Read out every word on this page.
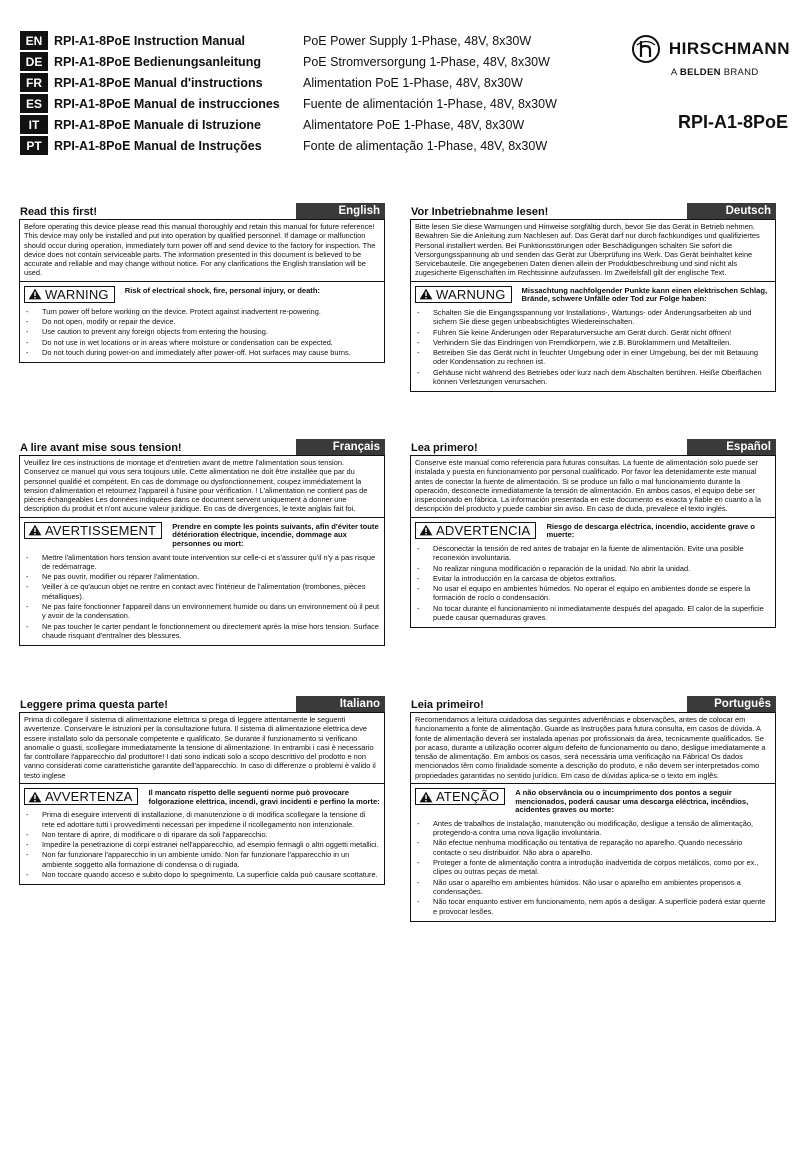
EN	RPI-A1-8PoE Instruction Manual	PoE Power Supply 1-Phase, 48V, 8x30W
DE	RPI-A1-8PoE Bedienungsanleitung	PoE Stromversorgung 1-Phase, 48V, 8x30W
FR	RPI-A1-8PoE Manual d'instructions	Alimentation PoE 1-Phase, 48V, 8x30W
ES	RPI-A1-8PoE Manual de instrucciones	Fuente de alimentación 1-Phase, 48V, 8x30W
IT	RPI-A1-8PoE Manuale di Istruzione	Alimentatore PoE 1-Phase, 48V, 8x30W
PT	RPI-A1-8PoE Manual de Instruções	Fonte de alimentação 1-Phase, 48V, 8x30W
HIRSCHMANN
A BELDEN BRAND
RPI-A1-8PoE
Read this first!	English

Before operating this device please read this manual thoroughly and retain this manual for future reference! This device may only be installed and put into operation by qualified personnel. If damage or malfunction should occur during operation, immediately turn power off and send device to the factory for inspection. The device does not contain serviceable parts. The information presented in this document is believed to be accurate and reliable and may change without notice. For any clarifications the English translation will be used.

WARNING Risk of electrical shock, fire, personal injury, or death:
- Turn power off before working on the device. Protect against inadvertent re-powering.
- Do not open, modify or repair the device.
- Use caution to prevent any foreign objects from entering the housing.
- Do not use in wet locations or in areas where moisture or condensation can be expected.
- Do not touch during power-on and immediately after power-off. Hot surfaces may cause burns.
Vor Inbetriebnahme lesen!	Deutsch

Bitte lesen Sie diese Warnungen und Hinweise sorgfältig durch, bevor Sie das Gerät in Betrieb nehmen. Bewahren Sie die Anleitung zum Nachlesen auf. Das Gerät darf nur durch fachkundiges und qualifiziertes Personal installiert werden. Bei Funktionsstörungen oder Beschädigungen schalten Sie sofort die Versorgungsspannung ab und senden das Gerät zur Überprüfung ins Werk. Das Gerät beinhaltet keine Servicebauteile. Die angegebenen Daten dienen allein der Produktbeschreibung und sind nicht als zugesicherte Eigenschaften im Rechtssinne aufzufassen. Im Zweifelsfall gilt der englische Text.

WARNUNG Missachtung nachfolgender Punkte kann einen elektrischen Schlag, Brände, schwere Unfälle oder Tod zur Folge haben:
- Schalten Sie die Eingangsspannung vor Installations-, Wartungs- oder Änderungsarbeiten ab und sichern Sie diese gegen unbeabsichtigtes Wiedereinschalten.
- Führen Sie keine Änderungen oder Reparaturversuche am Gerät durch. Gerät nicht öffnen!
- Verhindern Sie das Eindringen von Fremdkörpern, wie z.B. Büroklammern und Metallteilen.
- Betreiben Sie das Gerät nicht in feuchter Umgebung oder in einer Umgebung, bei der mit Betauung oder Kondensation zu rechnen ist.
- Gehäuse nicht während des Betriebes oder kurz nach dem Abschalten berühren. Heiße Oberflächen können Verletzungen verursachen.
A lire avant mise sous tension!	Français

Veuillez lire ces instructions de montage et d'entretien avant de mettre l'alimentation sous tension. Conservez ce manuel qui vous sera toujours utile. Cette alimentation ne doit être installée que par du personnel qualifié et compétent. En cas de dommage ou dysfonctionnement, coupez immédiatement la tension d'alimentation et retournez l'appareil à l'usine pour vérification. ! L'alimentation ne contient pas de pièces échangeables Les données indiquées dans ce document servent uniquement à donner une description du produit et n'ont aucune valeur juridique. En cas de divergences, le texte anglais fait foi.

AVERTISSEMENT Prendre en compte les points suivants, afin d'éviter toute détérioration électrique, incendie, dommage aux personnes ou mort:
- Mettre l'alimentation hors tension avant toute intervention sur celle-ci et s'assurer qu'il n'y a pas risque de redémarrage.
- Ne pas ouvrir, modifier ou réparer l'alimentation.
- Veiller à ce qu'aucun objet ne rentre en contact avec l'intérieur de l'alimentation (trombones, pièces métalliques).
- Ne pas faire fonctionner l'appareil dans un environnement humide ou dans un environnement où il peut y avoir de la condensation.
- Ne pas toucher le carter pendant le fonctionnement ou directement après la mise hors tension. Surface chaude risquant d'entraîner des blessures.
Lea primero!	Español

Conserve este manual como referencia para futuras consultas. La fuente de alimentación solo puede ser instalada y puesta en funcionamiento por personal cualificado. Por favor lea detenidamente este manual antes de conectar la fuente de alimentación. Si se produce un fallo o mal funcionamiento durante la operación, desconecte inmediatamente la tensión de alimentación. En ambos casos, el equipo debe ser inspeccionado en fábrica. La información presentada en este documento es exacta y fiable en cuanto a la descripción del producto y puede cambiar sin aviso. En caso de duda, prevalece el texto inglés.

ADVERTENCIA Riesgo de descarga eléctrica, incendio, accidente grave o muerte:
- Desconectar la tensión de red antes de trabajar en la fuente de alimentación. Evite una posible reconexión involuntaria.
- No realizar ninguna modificación o reparación de la unidad. No abrir la unidad.
- Evitar la introducción en la carcasa de objetos extraños.
- No usar el equipo en ambientes húmedos. No operar el equipo en ambientes donde se espere la formación de rocío o condensación.
- No tocar durante el funcionamiento ni inmediatamente después del apagado. El calor de la superficie puede causar quemaduras graves.
Leggere prima questa parte!	Italiano

Prima di collegare il sistema di alimentazione elettrica si prega di leggere attentamente le seguenti avvertenze. Conservare le istruzioni per la consultazione futura. Il sistema di alimentazione elettrica deve essere installato solo da personale competente e qualificato. Se durante il funzionamento si verificano anomalie o guasti, scollegare immediatamente la tensione di alimentazione. In entrambi i casi è necessario far controllare l'apparecchio dal produttore! I dati sono indicati solo a scopo descrittivo del prodotto e non vanno considerati come caratteristiche garantite dell'apparecchio. In caso di differenze o problemi è valido il testo inglese

AVVERTENZA Il mancato rispetto delle seguenti norme può provocare folgorazione elettrica, incendi, gravi incidenti e perfino la morte:
- Prima di eseguire interventi di installazione, di manutenzione o di modifica scollegare la tensione di rete ed adottare tutti i provvedimenti necessari per impedirne il ricollegamento non intenzionale.
- Non tentare di aprire, di modificare o di riparare da soli l'apparecchio.
- Impedire la penetrazione di corpi estranei nell'apparecchio, ad esempio fermagli o altri oggetti metallici.
- Non far funzionare l'apparecchio in un ambiente umido. Non far funzionare l'apparecchio in un ambiente soggetto alla formazione di condensa o di rugiada.
- Non toccare quando acceso e subito dopo lo spegnimento. La superficie calda può causare scottature.
Leia primeiro!	Português

Recomendamos a leitura cuidadosa das seguintes advertências e observações, antes de colocar em funcionamento a fonte de alimentação. Guarde as Instruções para futura consulta, em casos de dúvida. A fonte de alimentação deverá ser instalada apenas por profissionais da área, tecnicamente qualificados. Se por acaso, durante a utilização ocorrer algum defeito de funcionamento ou dano, desligue imediatamente a tensão de alimentação. Em ambos os casos, será necessária uma verificação na Fábrica! Os dados mencionados têm como finalidade somente a descrição do produto, e não devem ser interpretados como propriedades garantidas no sentido jurídico. Em caso de dúvidas aplica-se o texto em inglês.

ATENÇÃO A não observância ou o incumprimento dos pontos a seguir mencionados, poderá causar uma descarga eléctrica, incêndios, acidentes graves ou morte:
- Antes de trabalhos de instalação, manutenção ou modificação, desligue a tensão de alimentação, protegendo-a contra uma nova ligação involuntária.
- Não efectue nenhuma modificação ou tentativa de reparação no aparelho. Quando necessário contacte o seu distribuidor. Não abra o aparelho.
- Proteger a fonte de alimentação contra a introdução inadvertida de corpos metálicos, como por ex., clipes ou outras peças de metal.
- Não usar o aparelho em ambientes húmidos. Não usar o aparelho em ambientes propensos a condensações.
- Não tocar enquanto estiver em funcionamento, nem após a desligar. A superfície poderá estar quente e provocar lesões.
